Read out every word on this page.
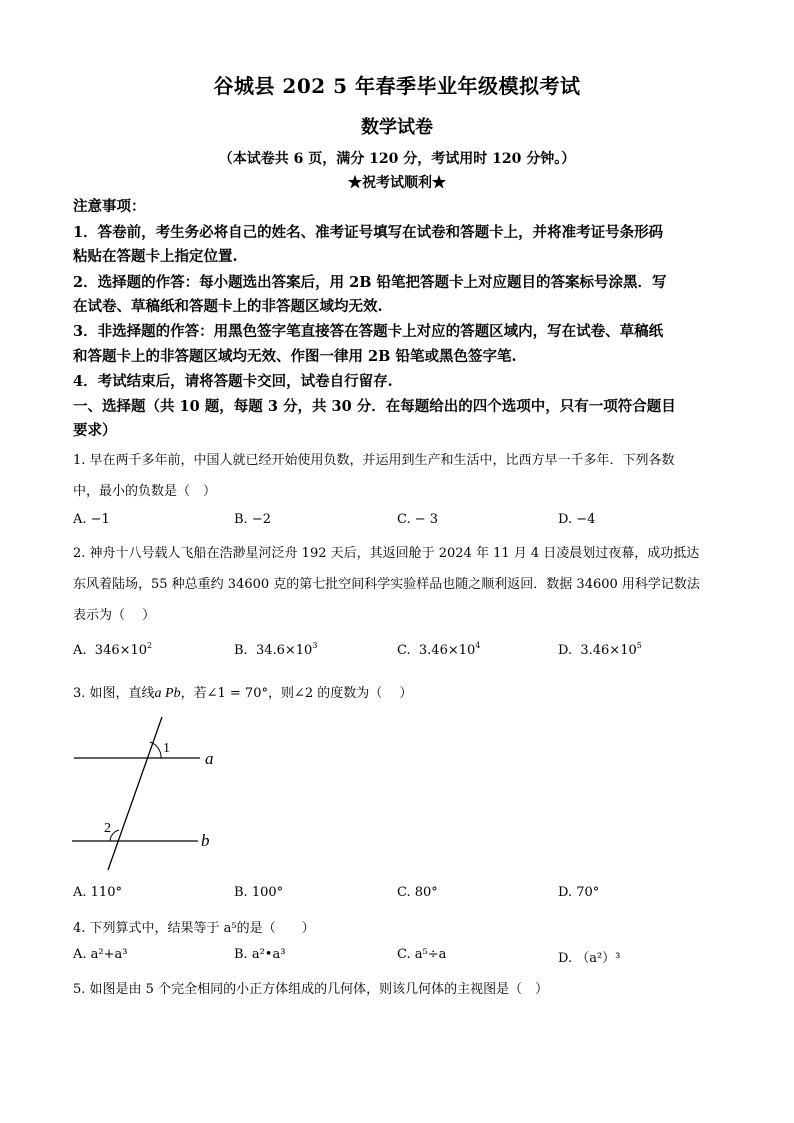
谷城县 202 5 年春季毕业年级模拟考试
数学试卷
（本试卷共 6 页，满分 120 分，考试用时 120 分钟。）
★祝考试顺利★
注意事项：
1．答卷前，考生务必将自己的姓名、准考证号填写在试卷和答题卡上，并将准考证号条形码
粘贴在答题卡上指定位置.
2．选择题的作答：每小题选出答案后，用 2B 铅笔把答题卡上对应题目的答案标号涂黑．写
在试卷、草稿纸和答题卡上的非答题区域均无效.
3．非选择题的作答：用黑色签字笔直接答在答题卡上对应的答题区域内，写在试卷、草稿纸
和答题卡上的非答题区域均无效、作图一律用 2B 铅笔或黑色签字笔.
4．考试结束后，请将答题卡交回，试卷自行留存.
一、选择题（共 10 题，每题 3 分，共 30 分．在每题给出的四个选项中，只有一项符合题目
要求）
1. 早在两千多年前，中国人就已经开始使用负数，并运用到生产和生活中，比西方早一千多年．下列各数
中，最小的负数是（　）
A. −1	B. −2	C. − 3	D. −4
2. 神舟十八号载人飞船在浩渺星河泛舟 192 天后，其返回舱于 2024 年 11 月 4 日凌晨划过夜幕，成功抵达
东风着陆场，55 种总重约 34600 克的第七批空间科学实验样品也随之顺利返回．数据 34600 用科学记数法
表示为（　 ）
A. $346\times 10^2$	B. $34.6\times 10^3$	C. $3.46\times 10^4$	D. $3.46\times 10^5$
3. 如图，直线a Pb，若∠1 = 70°，则∠2 的度数为（　 ）
1
2
a
b
A. 110°	B. 100°	C. 80°	D. 70°
4. 下列算式中，结果等于 a⁵的是（　　）
A. a²+a³	B. a²•a³	C. a⁵÷a	D. （a²）³
5. 如图是由 5 个完全相同的小正方体组成的几何体，则该几何体的主视图是（　）
